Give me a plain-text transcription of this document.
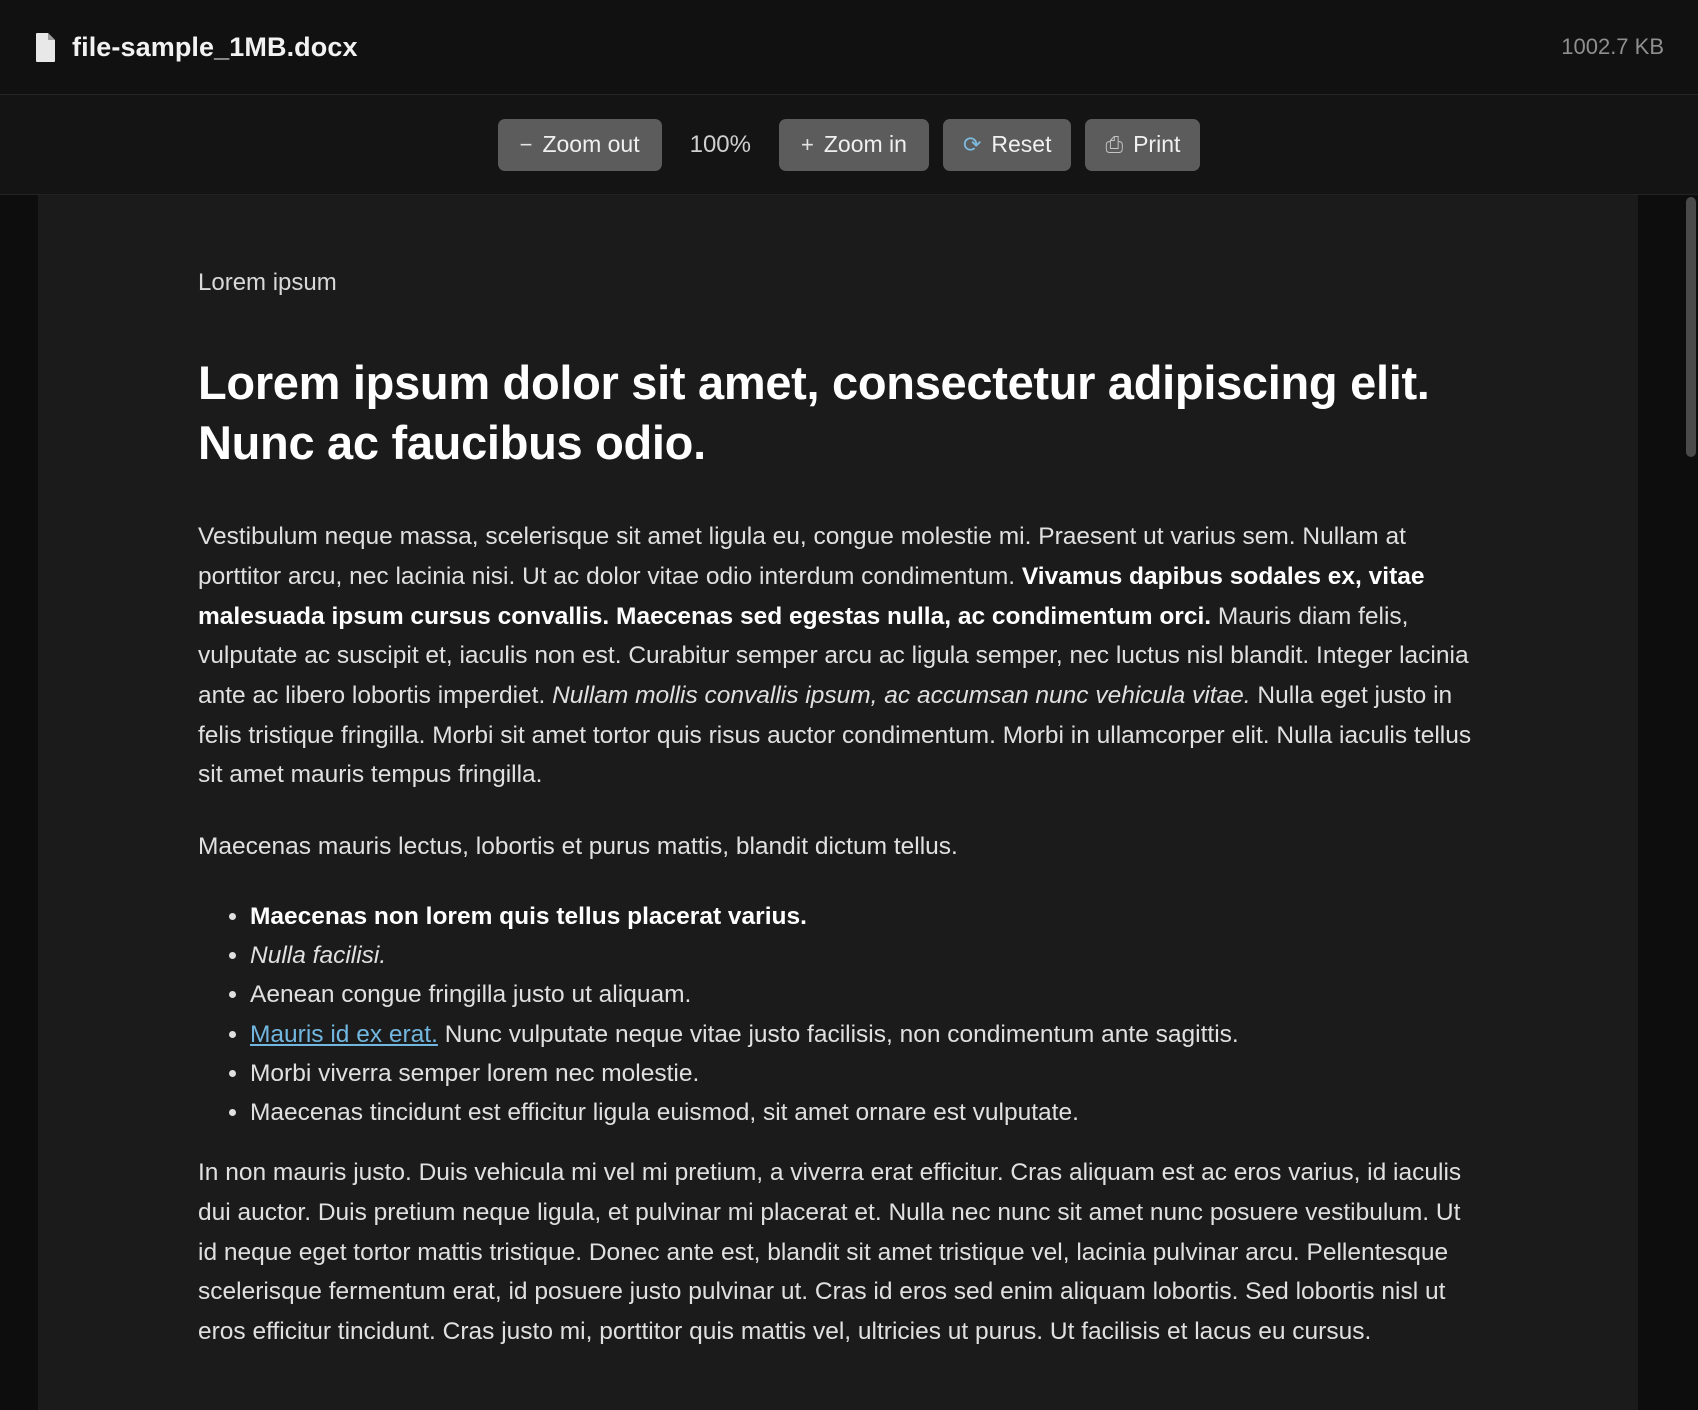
file-sample_1MB.docx	1002.7 KB
− Zoom out	100%	+ Zoom in	⟳ Reset ⎙ Print

Lorem ipsum

Lorem ipsum dolor sit amet, consectetur adipiscing elit. Nunc ac faucibus odio.

Vestibulum neque massa, scelerisque sit amet ligula eu, congue molestie mi. Praesent ut varius sem. Nullam at porttitor arcu, nec lacinia nisi. Ut ac dolor vitae odio interdum condimentum. Vivamus dapibus sodales ex, vitae malesuada ipsum cursus convallis. Maecenas sed egestas nulla, ac condimentum orci. Mauris diam felis, vulputate ac suscipit et, iaculis non est. Curabitur semper arcu ac ligula semper, nec luctus nisl blandit. Integer lacinia ante ac libero lobortis imperdiet. Nullam mollis convallis ipsum, ac accumsan nunc vehicula vitae. Nulla eget justo in felis tristique fringilla. Morbi sit amet tortor quis risus auctor condimentum. Morbi in ullamcorper elit. Nulla iaculis tellus sit amet mauris tempus fringilla.

Maecenas mauris lectus, lobortis et purus mattis, blandit dictum tellus.

• Maecenas non lorem quis tellus placerat varius.
• Nulla facilisi.
• Aenean congue fringilla justo ut aliquam.
• Mauris id ex erat. Nunc vulputate neque vitae justo facilisis, non condimentum ante sagittis.
• Morbi viverra semper lorem nec molestie.
• Maecenas tincidunt est efficitur ligula euismod, sit amet ornare est vulputate.

In non mauris justo. Duis vehicula mi vel mi pretium, a viverra erat efficitur. Cras aliquam est ac eros varius, id iaculis dui auctor. Duis pretium neque ligula, et pulvinar mi placerat et. Nulla nec nunc sit amet nunc posuere vestibulum. Ut id neque eget tortor mattis tristique. Donec ante est, blandit sit amet tristique vel, lacinia pulvinar arcu. Pellentesque scelerisque fermentum erat, id posuere justo pulvinar ut. Cras id eros sed enim aliquam lobortis. Sed lobortis nisl ut eros efficitur tincidunt. Cras justo mi, porttitor quis mattis vel, ultricies ut purus. Ut facilisis et lacus eu cursus.
